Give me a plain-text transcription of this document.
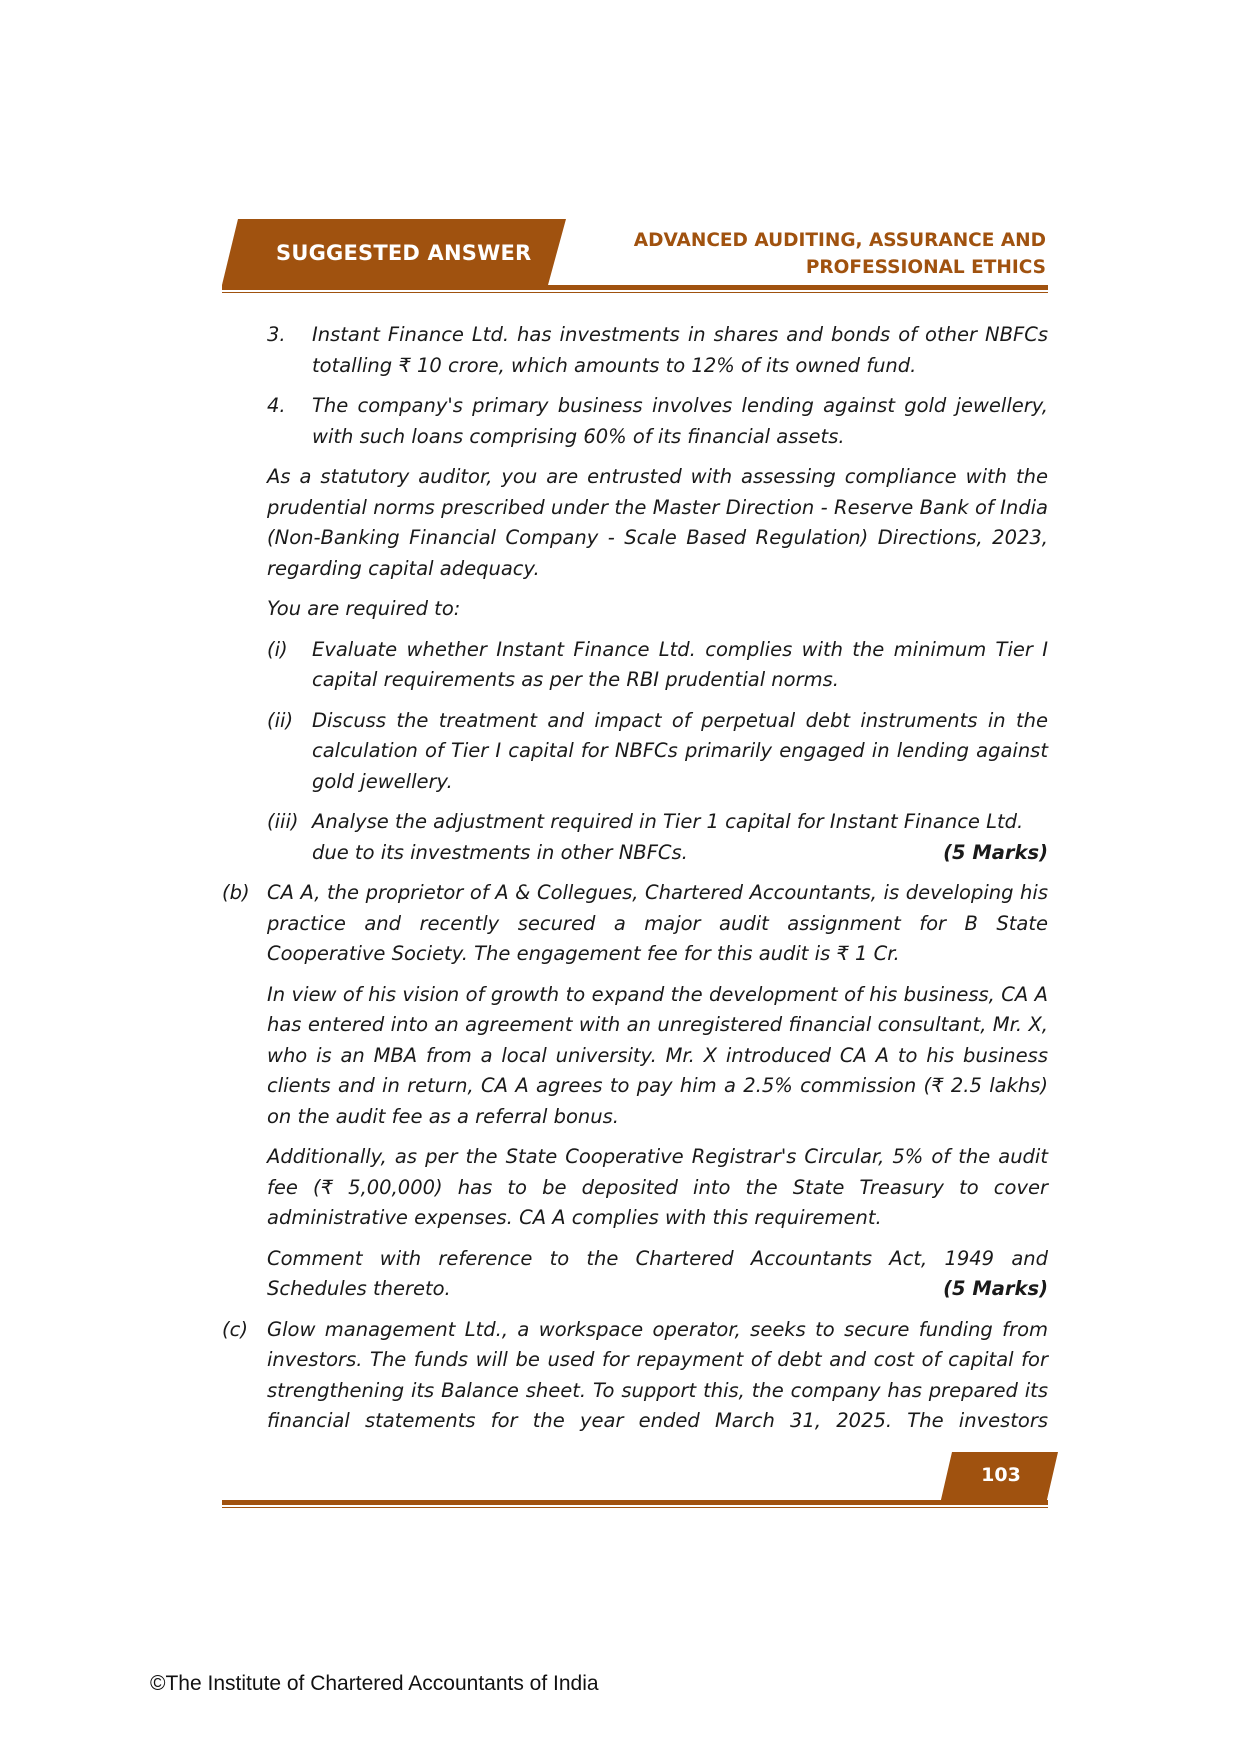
SUGGESTED ANSWER
ADVANCED AUDITING, ASSURANCE AND
PROFESSIONAL ETHICS
3.	Instant Finance Ltd. has investments in shares and bonds of other NBFCs totalling ₹ 10 crore, which amounts to 12% of its owned fund.
4.	The company's primary business involves lending against gold jewellery, with such loans comprising 60% of its financial assets.
As a statutory auditor, you are entrusted with assessing compliance with the prudential norms prescribed under the Master Direction - Reserve Bank of India (Non-Banking Financial Company - Scale Based Regulation) Directions, 2023, regarding capital adequacy.
You are required to:
(i)	Evaluate whether Instant Finance Ltd. complies with the minimum Tier I capital requirements as per the RBI prudential norms.
(ii) Discuss the treatment and impact of perpetual debt instruments in the calculation of Tier I capital for NBFCs primarily engaged in lending against gold jewellery.
(iii) Analyse the adjustment required in Tier 1 capital for Instant Finance Ltd.
due to its investments in other NBFCs.	(5 Marks)
(b) CA A, the proprietor of A & Collegues, Chartered Accountants, is developing his practice and recently secured a major audit assignment for B State Cooperative Society. The engagement fee for this audit is ₹ 1 Cr.
In view of his vision of growth to expand the development of his business, CA A has entered into an agreement with an unregistered financial consultant, Mr. X, who is an MBA from a local university. Mr. X introduced CA A to his business clients and in return, CA A agrees to pay him a 2.5% commission (₹ 2.5 lakhs) on the audit fee as a referral bonus.
Additionally, as per the State Cooperative Registrar's Circular, 5% of the audit fee (₹ 5,00,000) has to be deposited into the State Treasury to cover administrative expenses. CA A complies with this requirement.
Comment with reference to the Chartered Accountants Act, 1949 and
Schedules thereto.	(5 Marks)
(c) Glow management Ltd., a workspace operator, seeks to secure funding from investors. The funds will be used for repayment of debt and cost of capital for strengthening its Balance sheet. To support this, the company has prepared its financial statements for the year ended March 31, 2025. The investors
103
©The Institute of Chartered Accountants of India
